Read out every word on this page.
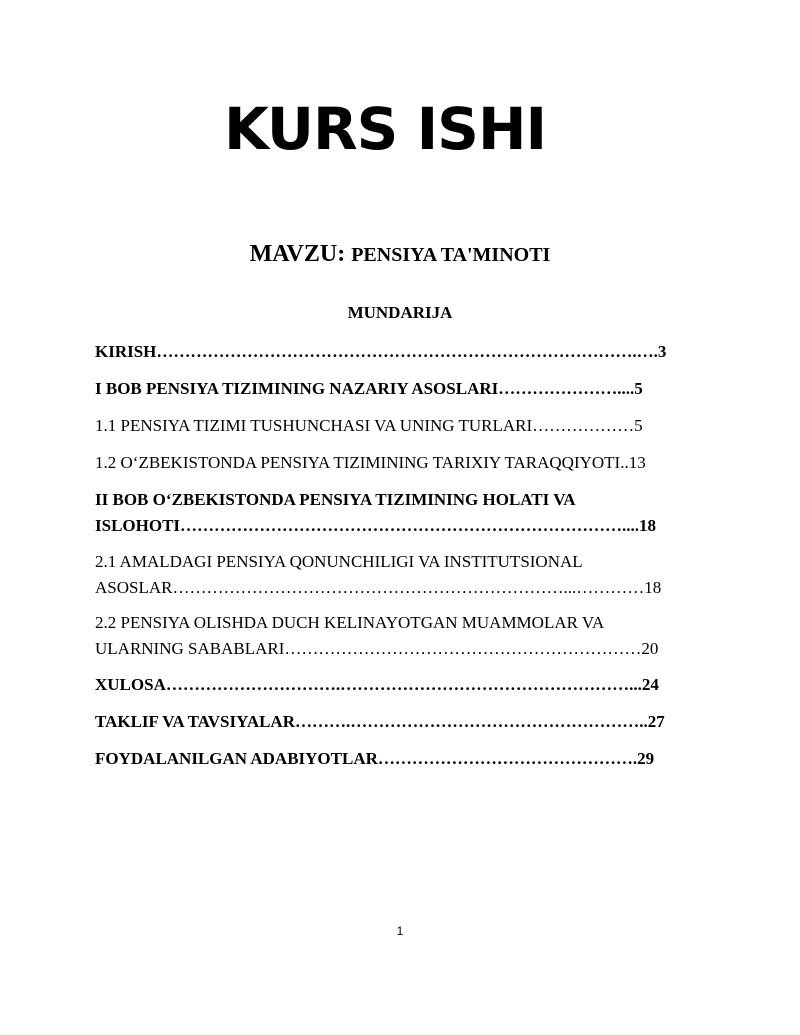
KURS ISHI
MAVZU: PENSIYA TA'MINOTI
MUNDARIJA
KIRISH………………………………………………………………………….….3
I BOB PENSIYA TIZIMINING NAZARIY ASOSLARI…………………....5
1.1 PENSIYA TIZIMI TUSHUNCHASI VA UNING TURLARI………………5
1.2 O‘ZBEKISTONDA PENSIYA TIZIMINING TARIXIY TARAQQIYOTI..13
II BOB O‘ZBEKISTONDA PENSIYA TIZIMINING HOLATI VA
ISLOHOTI……………………………………………………………………....18
2.1 AMALDAGI PENSIYA QONUNCHILIGI VA INSTITUTSIONAL
ASOSLAR……………………………………………………………...…………18
2.2 PENSIYA OLISHDA DUCH KELINAYOTGAN MUAMMOLAR VA
ULARNING SABABLARI………………………………………………………20
XULOSA………………………….……………………………………………...24
TAKLIF VA TAVSIYALAR……….……………………………………………..27
FOYDALANILGAN ADABIYOTLAR……………………………………….29
1
